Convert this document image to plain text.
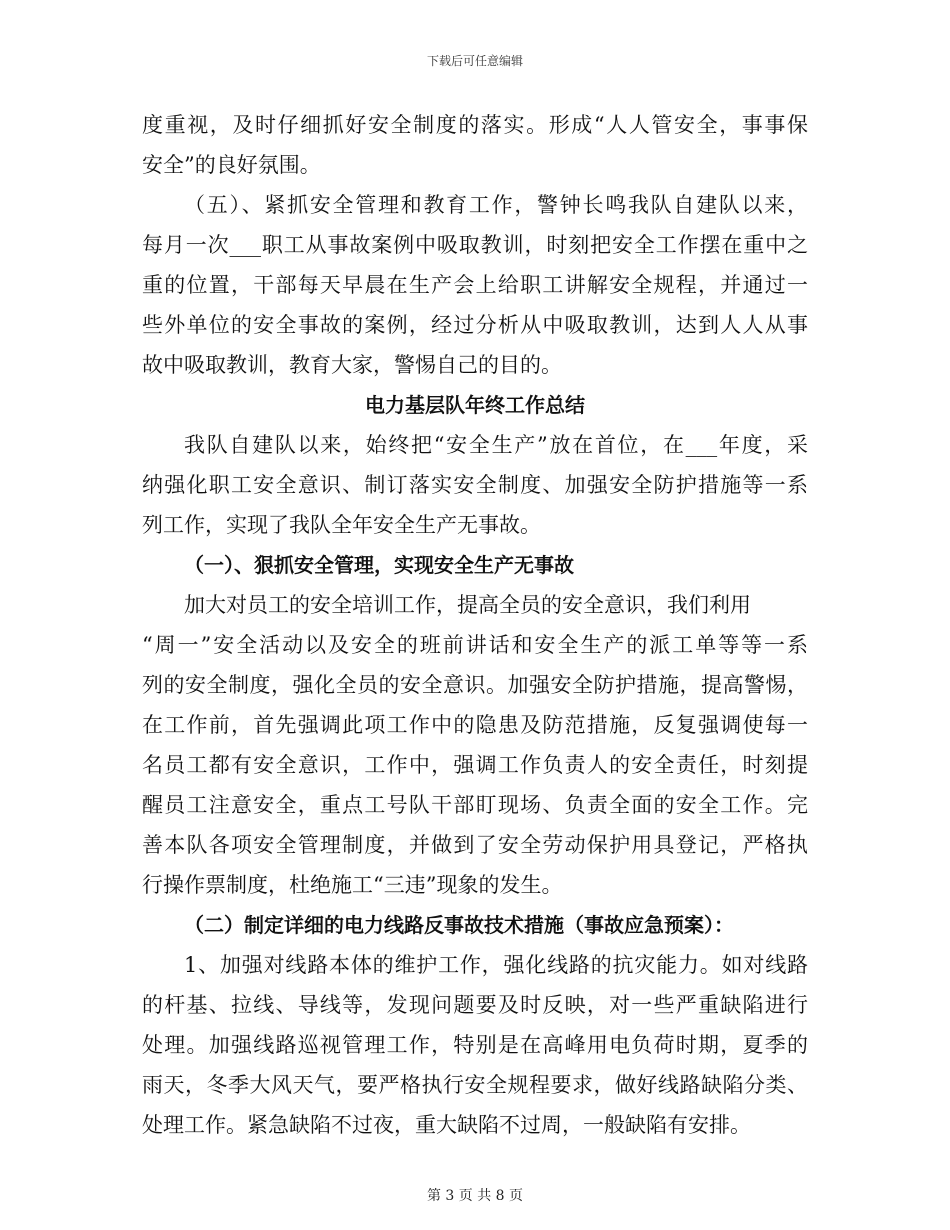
下载后可任意编辑
度重视，及时仔细抓好安全制度的落实。形成“人人管安全，事事保
安全”的良好氛围。
（五）、紧抓安全管理和教育工作，警钟长鸣我队自建队以来，
每月一次___职工从事故案例中吸取教训，时刻把安全工作摆在重中之
重的位置，干部每天早晨在生产会上给职工讲解安全规程，并通过一
些外单位的安全事故的案例，经过分析从中吸取教训，达到人人从事
故中吸取教训，教育大家，警惕自己的目的。
电力基层队年终工作总结
我队自建队以来，始终把“安全生产”放在首位，在___年度，采
纳强化职工安全意识、制订落实安全制度、加强安全防护措施等一系
列工作，实现了我队全年安全生产无事故。
（一）、狠抓安全管理，实现安全生产无事故
加大对员工的安全培训工作，提高全员的安全意识，我们利用
“周一”安全活动以及安全的班前讲话和安全生产的派工单等等一系
列的安全制度，强化全员的安全意识。加强安全防护措施，提高警惕，
在工作前，首先强调此项工作中的隐患及防范措施，反复强调使每一
名员工都有安全意识，工作中，强调工作负责人的安全责任，时刻提
醒员工注意安全，重点工号队干部盯现场、负责全面的安全工作。完
善本队各项安全管理制度，并做到了安全劳动保护用具登记，严格执
行操作票制度，杜绝施工“三违”现象的发生。
（二）制定详细的电力线路反事故技术措施（事故应急预案）：
1、加强对线路本体的维护工作，强化线路的抗灾能力。如对线路
的杆基、拉线、导线等，发现问题要及时反映，对一些严重缺陷进行
处理。加强线路巡视管理工作，特别是在高峰用电负荷时期，夏季的
雨天，冬季大风天气，要严格执行安全规程要求，做好线路缺陷分类、
处理工作。紧急缺陷不过夜，重大缺陷不过周，一般缺陷有安排。
第 3 页 共 8 页
